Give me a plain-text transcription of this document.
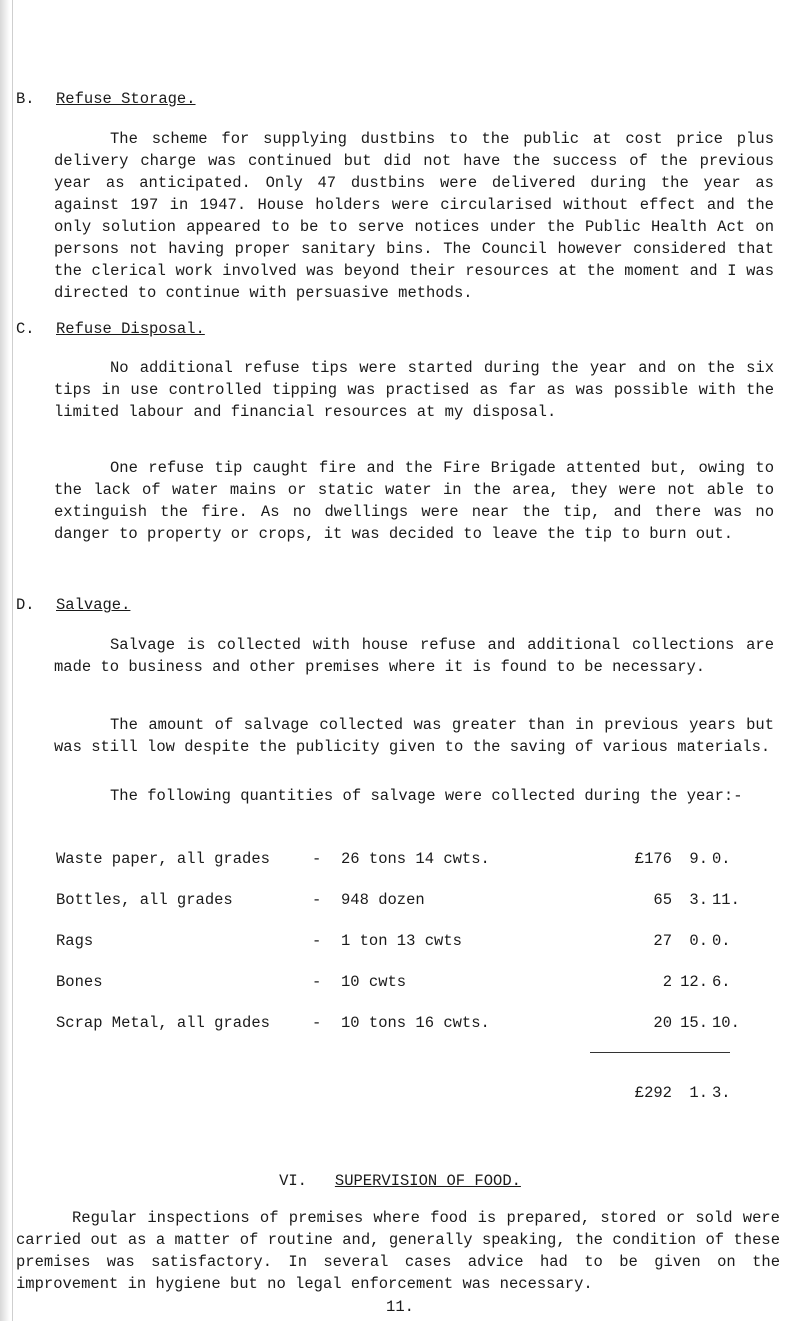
B. Refuse Storage.

The scheme for supplying dustbins to the public at cost price plus delivery charge was continued but did not have the success of the previous year as anticipated. Only 47 dustbins were delivered during the year as against 197 in 1947. House holders were circularised without effect and the only solution appeared to be to serve notices under the Public Health Act on persons not having proper sanitary bins. The Council however considered that the clerical work involved was beyond their resources at the moment and I was directed to continue with persuasive methods.

C. Refuse Disposal.

No additional refuse tips were started during the year and on the six tips in use controlled tipping was practised as far as was possible with the limited labour and financial resources at my disposal.

One refuse tip caught fire and the Fire Brigade attented but, owing to the lack of water mains or static water in the area, they were not able to extinguish the fire. As no dwellings were near the tip, and there was no danger to property or crops, it was decided to leave the tip to burn out.

D. Salvage.

Salvage is collected with house refuse and additional collections are made to business and other premises where it is found to be necessary.

The amount of salvage collected was greater than in previous years but was still low despite the publicity given to the saving of various materials.

The following quantities of salvage were collected during the year:-

Waste paper, all grades	- 26 tons 14 cwts.	£176	9. 0.
Bottles, all grades	- 948 dozen	65	3. 11.
Rags	- 1 ton 13 cwts	27	0. 0.
Bones	- 10 cwts	2 12. 6.
Scrap Metal, all grades	- 10 tons 16 cwts.	20 15. 10.
£292	1. 3.
VI. SUPERVISION OF FOOD.

Regular inspections of premises where food is prepared, stored or sold were carried out as a matter of routine and, generally speaking, the condition of these premises was satisfactory. In several cases advice had to be given on the improvement in hygiene but no legal enforcement was necessary.

11.
